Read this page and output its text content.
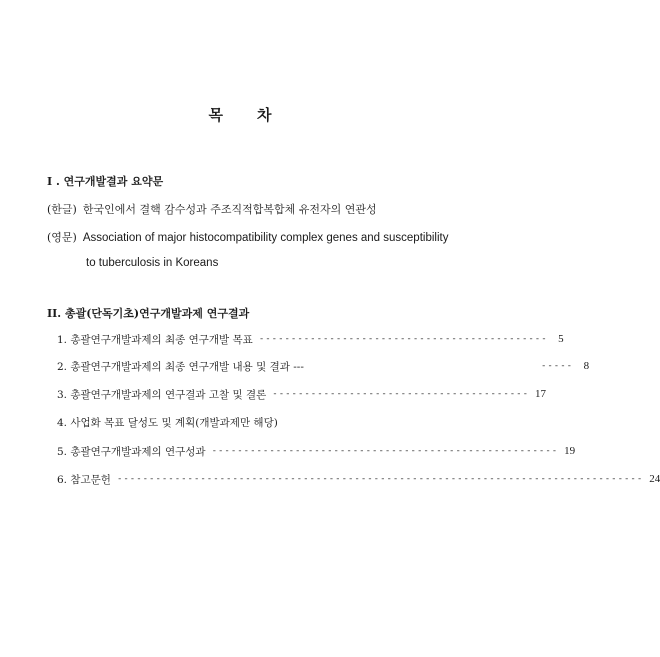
목 차
I . 연구개발결과 요약문
(한글) 한국인에서 결핵 감수성과 주조직적합복합체 유전자의 연관성
(영문) Association of major histocompatibility complex genes and susceptibility
to tuberculosis in Koreans
II. 총괄(단독기초)연구개발과제 연구결과
1. 총괄연구개발과제의 최종 연구개발 목표 --------------------------------------------- 5
2. 총괄연구개발과제의 최종 연구개발 내용 및 결과 --- ----- 8
3. 총괄연구개발과제의 연구결과 고찰 및 결론 ---------------------------------------- 17
4. 사업화 목표 달성도 및 계획(개발과제만 해당)
5. 총괄연구개발과제의 연구성과 ------------------------------------------------------ 19
6. 참고문헌 ---------------------------------------------------------------------------------- 24
